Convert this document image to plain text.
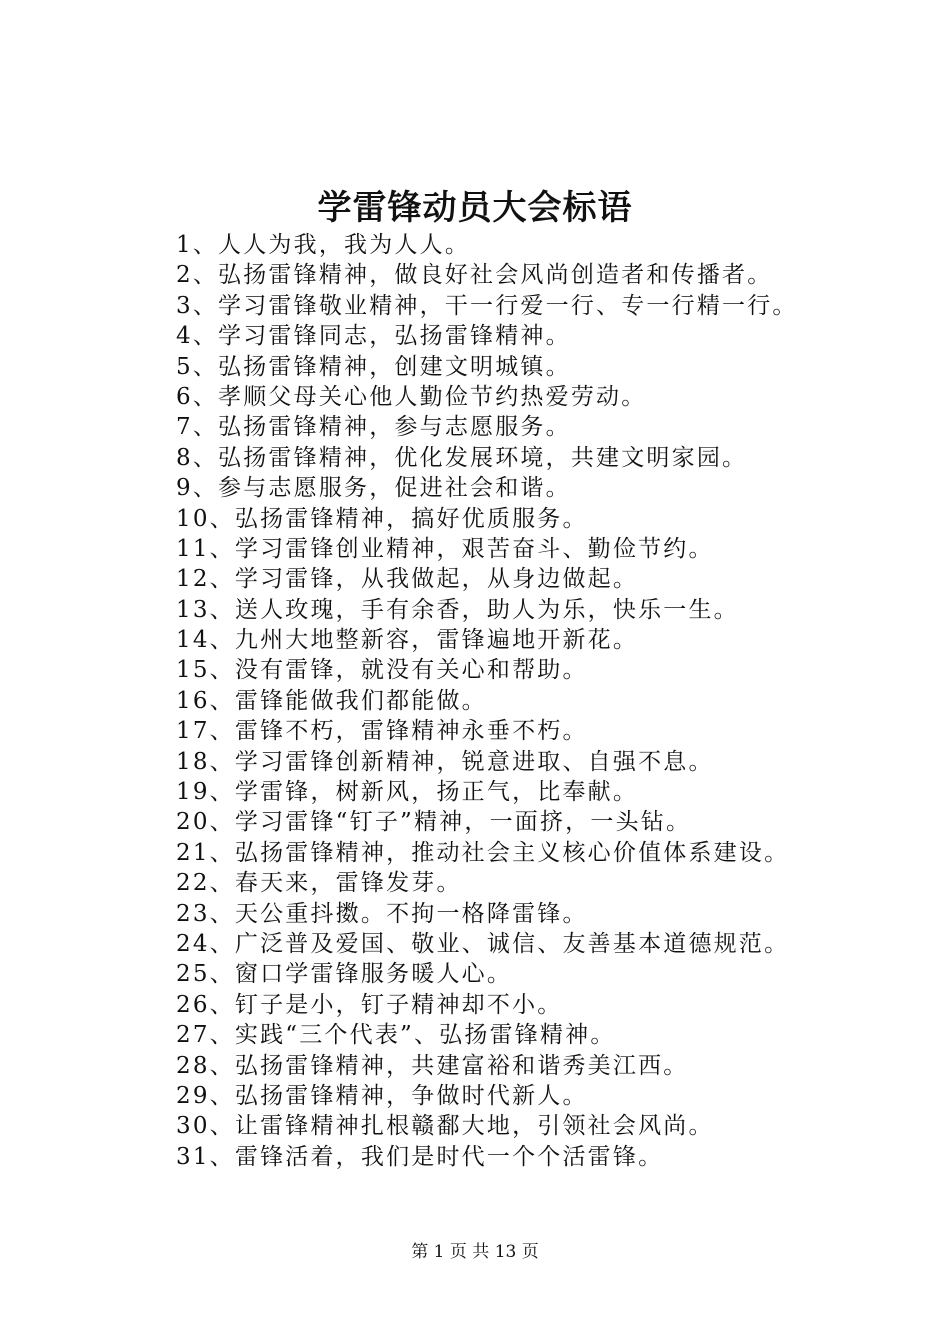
学雷锋动员大会标语
1、人人为我，我为人人。
2、弘扬雷锋精神，做良好社会风尚创造者和传播者。
3、学习雷锋敬业精神，干一行爱一行、专一行精一行。
4、学习雷锋同志，弘扬雷锋精神。
5、弘扬雷锋精神，创建文明城镇。
6、孝顺父母关心他人勤俭节约热爱劳动。
7、弘扬雷锋精神，参与志愿服务。
8、弘扬雷锋精神，优化发展环境，共建文明家园。
9、参与志愿服务，促进社会和谐。
10、弘扬雷锋精神，搞好优质服务。
11、学习雷锋创业精神，艰苦奋斗、勤俭节约。
12、学习雷锋，从我做起，从身边做起。
13、送人玫瑰，手有余香，助人为乐，快乐一生。
14、九州大地整新容，雷锋遍地开新花。
15、没有雷锋，就没有关心和帮助。
16、雷锋能做我们都能做。
17、雷锋不朽，雷锋精神永垂不朽。
18、学习雷锋创新精神，锐意进取、自强不息。
19、学雷锋，树新风，扬正气，比奉献。
20、学习雷锋“钉子”精神，一面挤，一头钻。
21、弘扬雷锋精神，推动社会主义核心价值体系建设。
22、春天来，雷锋发芽。
23、天公重抖擞。不拘一格降雷锋。
24、广泛普及爱国、敬业、诚信、友善基本道德规范。
25、窗口学雷锋服务暖人心。
26、钉子是小，钉子精神却不小。
27、实践“三个代表”、弘扬雷锋精神。
28、弘扬雷锋精神，共建富裕和谐秀美江西。
29、弘扬雷锋精神，争做时代新人。
30、让雷锋精神扎根赣鄱大地，引领社会风尚。
31、雷锋活着，我们是时代一个个活雷锋。
第 1 页 共 13 页
